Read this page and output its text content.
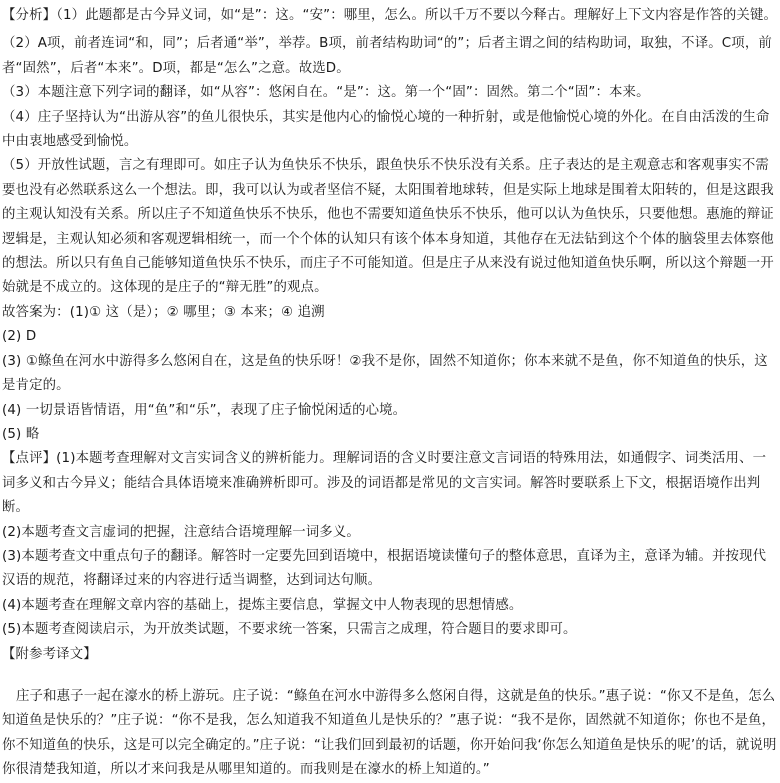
【分析】（1）此题都是古今异义词，如“是”：这。“安”：哪里，怎么。所以千万不要以今释古。理解好上下文内容是作答的关键。

（2）A项，前者连词“和，同”；后者通“举”，举荐。B项，前者结构助词“的”；后者主谓之间的结构助词，取独，不译。C项，前者“固然”，后者“本来”。D项，都是“怎么”之意。故选D。

（3）本题注意下列字词的翻译，如“从容”：悠闲自在。“是”：这。第一个“固”：固然。第二个“固”：本来。

（4）庄子坚持认为“出游从容”的鱼儿很快乐，其实是他内心的愉悦心境的一种折射，或是他愉悦心境的外化。在自由活泼的生命中由衷地感受到愉悦。

（5）开放性试题，言之有理即可。如庄子认为鱼快乐不快乐，跟鱼快乐不快乐没有关系。庄子表达的是主观意志和客观事实不需要也没有必然联系这么一个想法。即，我可以认为或者坚信不疑，太阳围着地球转，但是实际上地球是围着太阳转的，但是这跟我的主观认知没有关系。所以庄子不知道鱼快乐不快乐，他也不需要知道鱼快乐不快乐，他可以认为鱼快乐，只要他想。惠施的辩证逻辑是，主观认知必须和客观逻辑相统一，而一个个体的认知只有该个体本身知道，其他存在无法钻到这个个体的脑袋里去体察他的想法。所以只有鱼自己能够知道鱼快乐不快乐，而庄子不可能知道。但是庄子从来没有说过他知道鱼快乐啊，所以这个辩题一开始就是不成立的。这体现的是庄子的“辩无胜”的观点。

故答案为：(1)① 这（是）；② 哪里；③ 本来；④ 追溯

(2) D

(3) ①鲦鱼在河水中游得多么悠闲自在，这是鱼的快乐呀！②我不是你，固然不知道你；你本来就不是鱼，你不知道鱼的快乐，这是肯定的。

(4) 一切景语皆情语，用“鱼”和“乐”，表现了庄子愉悦闲适的心境。

(5) 略

【点评】(1)本题考查理解对文言实词含义的辨析能力。理解词语的含义时要注意文言词语的特殊用法，如通假字、词类活用、一词多义和古今异义；能结合具体语境来准确辨析即可。涉及的词语都是常见的文言实词。解答时要联系上下文，根据语境作出判断。

(2)本题考查文言虚词的把握，注意结合语境理解一词多义。

(3)本题考查文中重点句子的翻译。解答时一定要先回到语境中，根据语境读懂句子的整体意思，直译为主，意译为辅。并按现代汉语的规范，将翻译过来的内容进行适当调整，达到词达句顺。

(4)本题考查在理解文章内容的基础上，提炼主要信息，掌握文中人物表现的思想情感。

(5)本题考查阅读启示，为开放类试题，不要求统一答案，只需言之成理，符合题目的要求即可。

【附参考译文】

庄子和惠子一起在濠水的桥上游玩。庄子说：“鲦鱼在河水中游得多么悠闲自得，这就是鱼的快乐。”惠子说：“你又不是鱼，怎么知道鱼是快乐的？”庄子说：“你不是我，怎么知道我不知道鱼儿是快乐的？”惠子说：“我不是你，固然就不知道你；你也不是鱼，你不知道鱼的快乐，这是可以完全确定的。”庄子说：“让我们回到最初的话题，你开始问我‘你怎么知道鱼是快乐的呢’的话，就说明你很清楚我知道，所以才来问我是从哪里知道的。而我则是在濠水的桥上知道的。”
